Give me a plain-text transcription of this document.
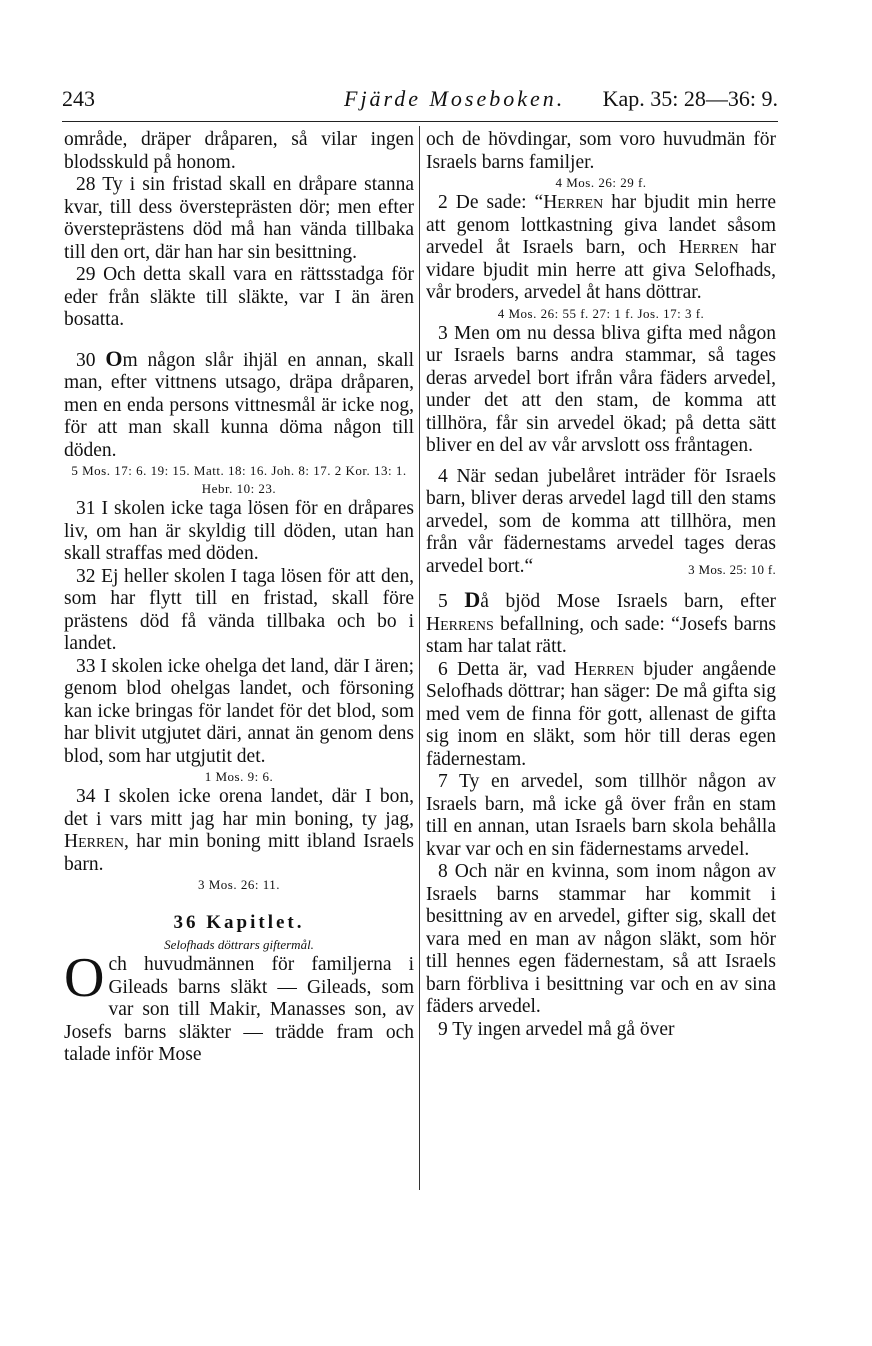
243	Fjärde Moseboken. Kap. 35: 28—36: 9.

område, dräper dråparen, så vilar ingen blodsskuld på honom.

28 Ty i sin fristad skall en dråpare stanna kvar, till dess översteprästen dör; men efter översteprästens död må han vända tillbaka till den ort, där han har sin besittning.

29 Och detta skall vara en rättsstadga för eder från släkte till släkte, var I än ären bosatta.

30 Om någon slår ihjäl en annan, skall man, efter vittnens utsago, dräpa dråparen, men en enda persons vittnesmål är icke nog, för att man skall kunna döma någon till döden.

5 Mos. 17: 6. 19: 15. Matt. 18: 16. Joh. 8: 17. 2 Kor. 13: 1. Hebr. 10: 23.

31 I skolen icke taga lösen för en dråpares liv, om han är skyldig till döden, utan han skall straffas med döden.

32 Ej heller skolen I taga lösen för att den, som har flytt till en fristad, skall före prästens död få vända tillbaka och bo i landet.

33 I skolen icke ohelga det land, där I ären; genom blod ohelgas landet, och försoning kan icke bringas för landet för det blod, som har blivit utgjutet däri, annat än genom dens blod, som har utgjutit det.

1 Mos. 9: 6.

34 I skolen icke orena landet, där I bon, det i vars mitt jag har min boning, ty jag, Herren, har min boning mitt ibland Israels barn.

3 Mos. 26: 11.

36 Kapitlet.

Selofhads döttrars giftermål.

Och huvudmännen för familjerna i Gileads barns släkt — Gileads, som var son till Makir, Manasses son, av Josefs barns släkter — trädde fram och talade inför Mose

och de hövdingar, som voro huvudmän för Israels barns familjer.

4 Mos. 26: 29 f.

2 De sade: “Herren har bjudit min herre att genom lottkastning giva landet såsom arvedel åt Israels barn, och Herren har vidare bjudit min herre att giva Selofhads, vår broders, arvedel åt hans döttrar.

4 Mos. 26: 55 f. 27: 1 f. Jos. 17: 3 f.

3 Men om nu dessa bliva gifta med någon ur Israels barns andra stammar, så tages deras arvedel bort ifrån våra fäders arvedel, under det att den stam, de komma att tillhöra, får sin arvedel ökad; på detta sätt bliver en del av vår arvslott oss fråntagen.

4 När sedan jubelåret inträder för Israels barn, bliver deras arvedel lagd till den stams arvedel, som de komma att tillhöra, men från vår fädernestams arvedel tages deras arvedel bort.“	3 Mos. 25: 10 f.

5 Då bjöd Mose Israels barn, efter Herrens befallning, och sade: “Josefs barns stam har talat rätt.

6 Detta är, vad Herren bjuder angående Selofhads döttrar; han säger: De må gifta sig med vem de finna för gott, allenast de gifta sig inom en släkt, som hör till deras egen fädernestam.

7 Ty en arvedel, som tillhör någon av Israels barn, må icke gå över från en stam till en annan, utan Israels barn skola behålla kvar var och en sin fädernestams arvedel.

8 Och när en kvinna, som inom någon av Israels barns stammar har kommit i besittning av en arvedel, gifter sig, skall det vara med en man av någon släkt, som hör till hennes egen fädernestam, så att Israels barn förbliva i besittning var och en av sina fäders arvedel.

9 Ty ingen arvedel må gå över
